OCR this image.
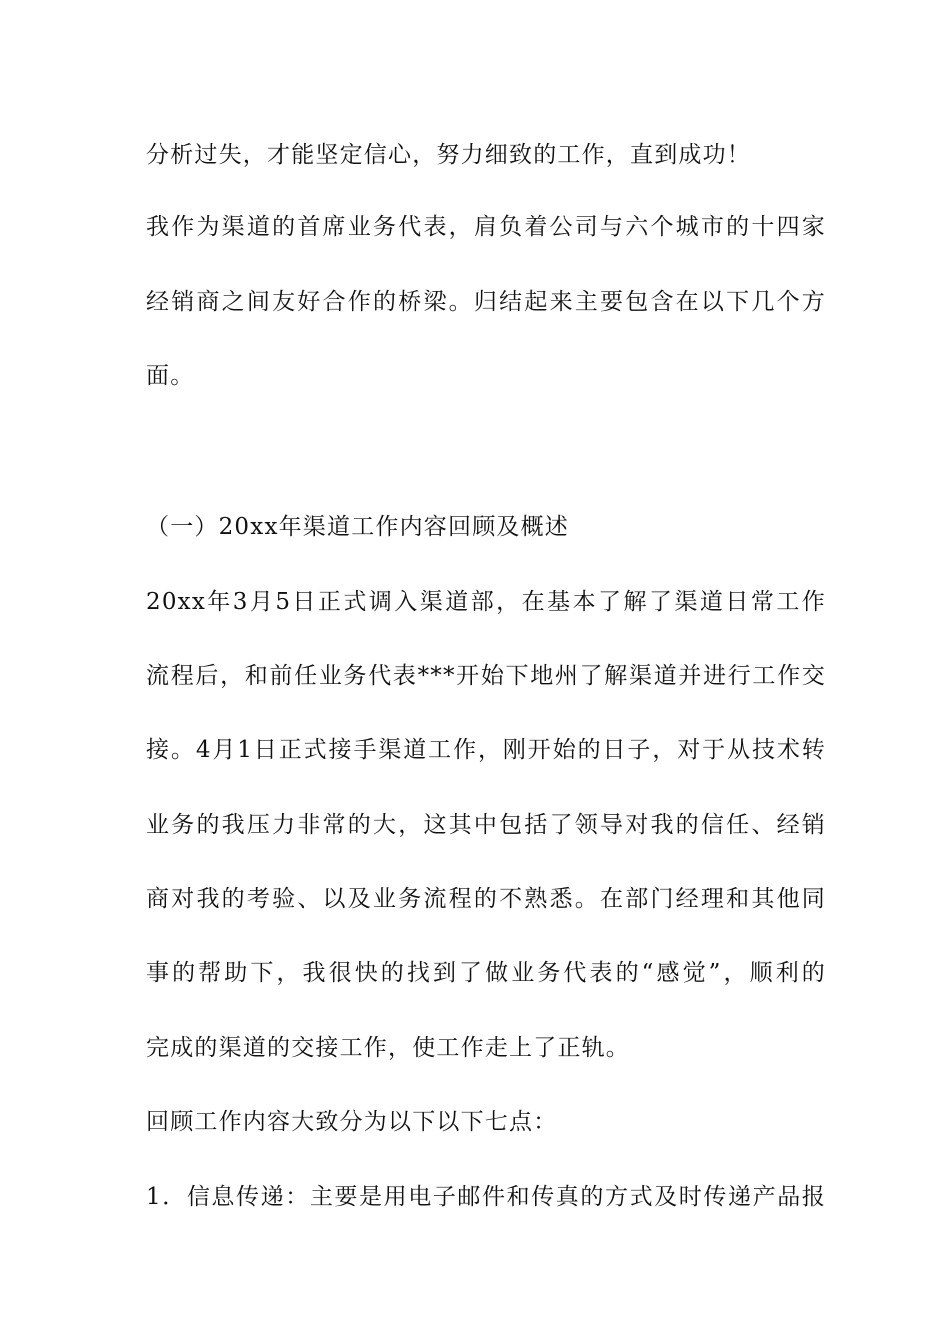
分析过失，才能坚定信心，努力细致的工作，直到成功！
我作为渠道的首席业务代表，肩负着公司与六个城市的十四家
经销商之间友好合作的桥梁。归结起来主要包含在以下几个方
面。
（一）20xx年渠道工作内容回顾及概述
20xx年3月5日正式调入渠道部，在基本了解了渠道日常工作
流程后，和前任业务代表***开始下地州了解渠道并进行工作交
接。4月1日正式接手渠道工作，刚开始的日子，对于从技术转
业务的我压力非常的大，这其中包括了领导对我的信任、经销
商对我的考验、以及业务流程的不熟悉。在部门经理和其他同
事的帮助下，我很快的找到了做业务代表的“感觉”，顺利的
完成的渠道的交接工作，使工作走上了正轨。
回顾工作内容大致分为以下以下七点：
1．信息传递：主要是用电子邮件和传真的方式及时传递产品报
